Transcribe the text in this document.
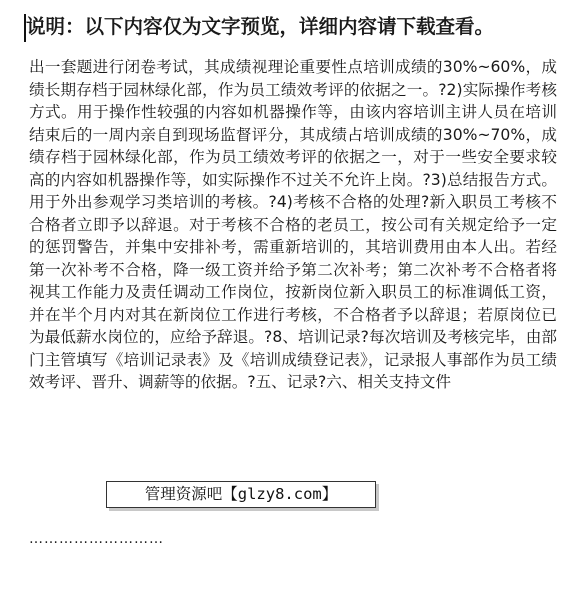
说明：以下内容仅为文字预览，详细内容请下载查看。
出一套题进行闭卷考试，其成绩视理论重要性点培训成绩的30%~60%，成绩长期存档于园林绿化部，作为员工绩效考评的依据之一。?2)实际操作考核方式。用于操作性较强的内容如机器操作等，由该内容培训主讲人员在培训结束后的一周内亲自到现场监督评分，其成绩占培训成绩的30%~70%，成绩存档于园林绿化部，作为员工绩效考评的依据之一，对于一些安全要求较高的内容如机器操作等，如实际操作不过关不允许上岗。?3)总结报告方式。用于外出参观学习类培训的考核。?4)考核不合格的处理?新入职员工考核不合格者立即予以辞退。对于考核不合格的老员工，按公司有关规定给予一定的惩罚警告，并集中安排补考，需重新培训的，其培训费用由本人出。若经第一次补考不合格，降一级工资并给予第二次补考；第二次补考不合格者将视其工作能力及责任调动工作岗位，按新岗位新入职员工的标准调低工资，并在半个月内对其在新岗位工作进行考核，不合格者予以辞退；若原岗位已为最低薪水岗位的，应给予辞退。?8、培训记录?每次培训及考核完毕，由部门主管填写《培训记录表》及《培训成绩登记表》，记录报人事部作为员工绩效考评、晋升、调薪等的依据。?五、记录?六、相关支持文件
管理资源吧【glzy8.com】
………………………
